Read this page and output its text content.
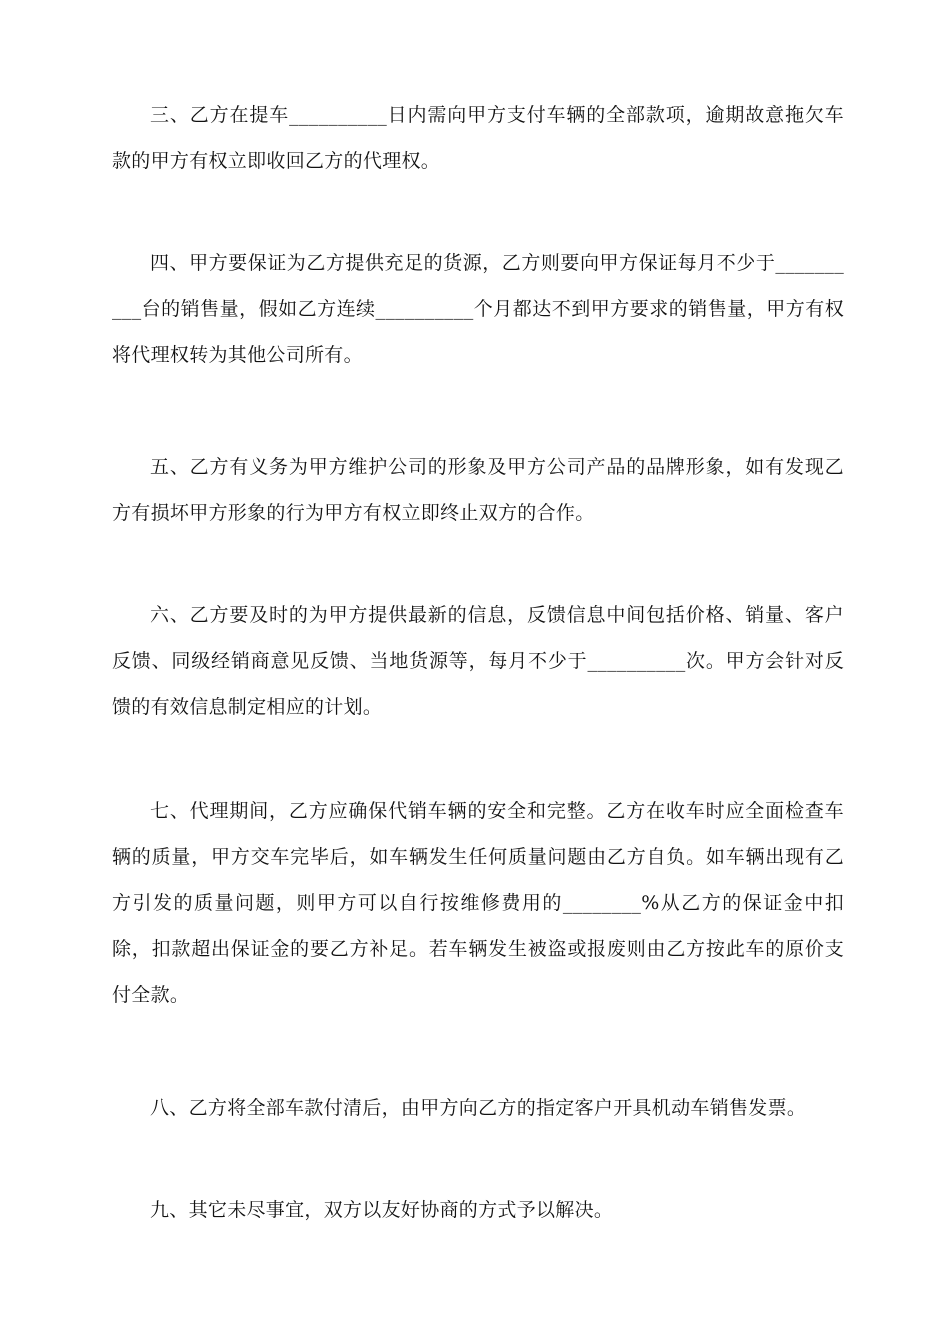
三、乙方在提车__________日内需向甲方支付车辆的全部款项，逾期故意拖欠车款的甲方有权立即收回乙方的代理权。

四、甲方要保证为乙方提供充足的货源，乙方则要向甲方保证每月不少于__________台的销售量，假如乙方连续__________个月都达不到甲方要求的销售量，甲方有权将代理权转为其他公司所有。

五、乙方有义务为甲方维护公司的形象及甲方公司产品的品牌形象，如有发现乙方有损坏甲方形象的行为甲方有权立即终止双方的合作。

六、乙方要及时的为甲方提供最新的信息，反馈信息中间包括价格、销量、客户反馈、同级经销商意见反馈、当地货源等，每月不少于__________次。甲方会针对反馈的有效信息制定相应的计划。

七、代理期间，乙方应确保代销车辆的安全和完整。乙方在收车时应全面检查车辆的质量，甲方交车完毕后，如车辆发生任何质量问题由乙方自负。如车辆出现有乙方引发的质量问题，则甲方可以自行按维修费用的________%从乙方的保证金中扣除，扣款超出保证金的要乙方补足。若车辆发生被盗或报废则由乙方按此车的原价支付全款。

八、乙方将全部车款付清后，由甲方向乙方的指定客户开具机动车销售发票。

九、其它未尽事宜，双方以友好协商的方式予以解决。
